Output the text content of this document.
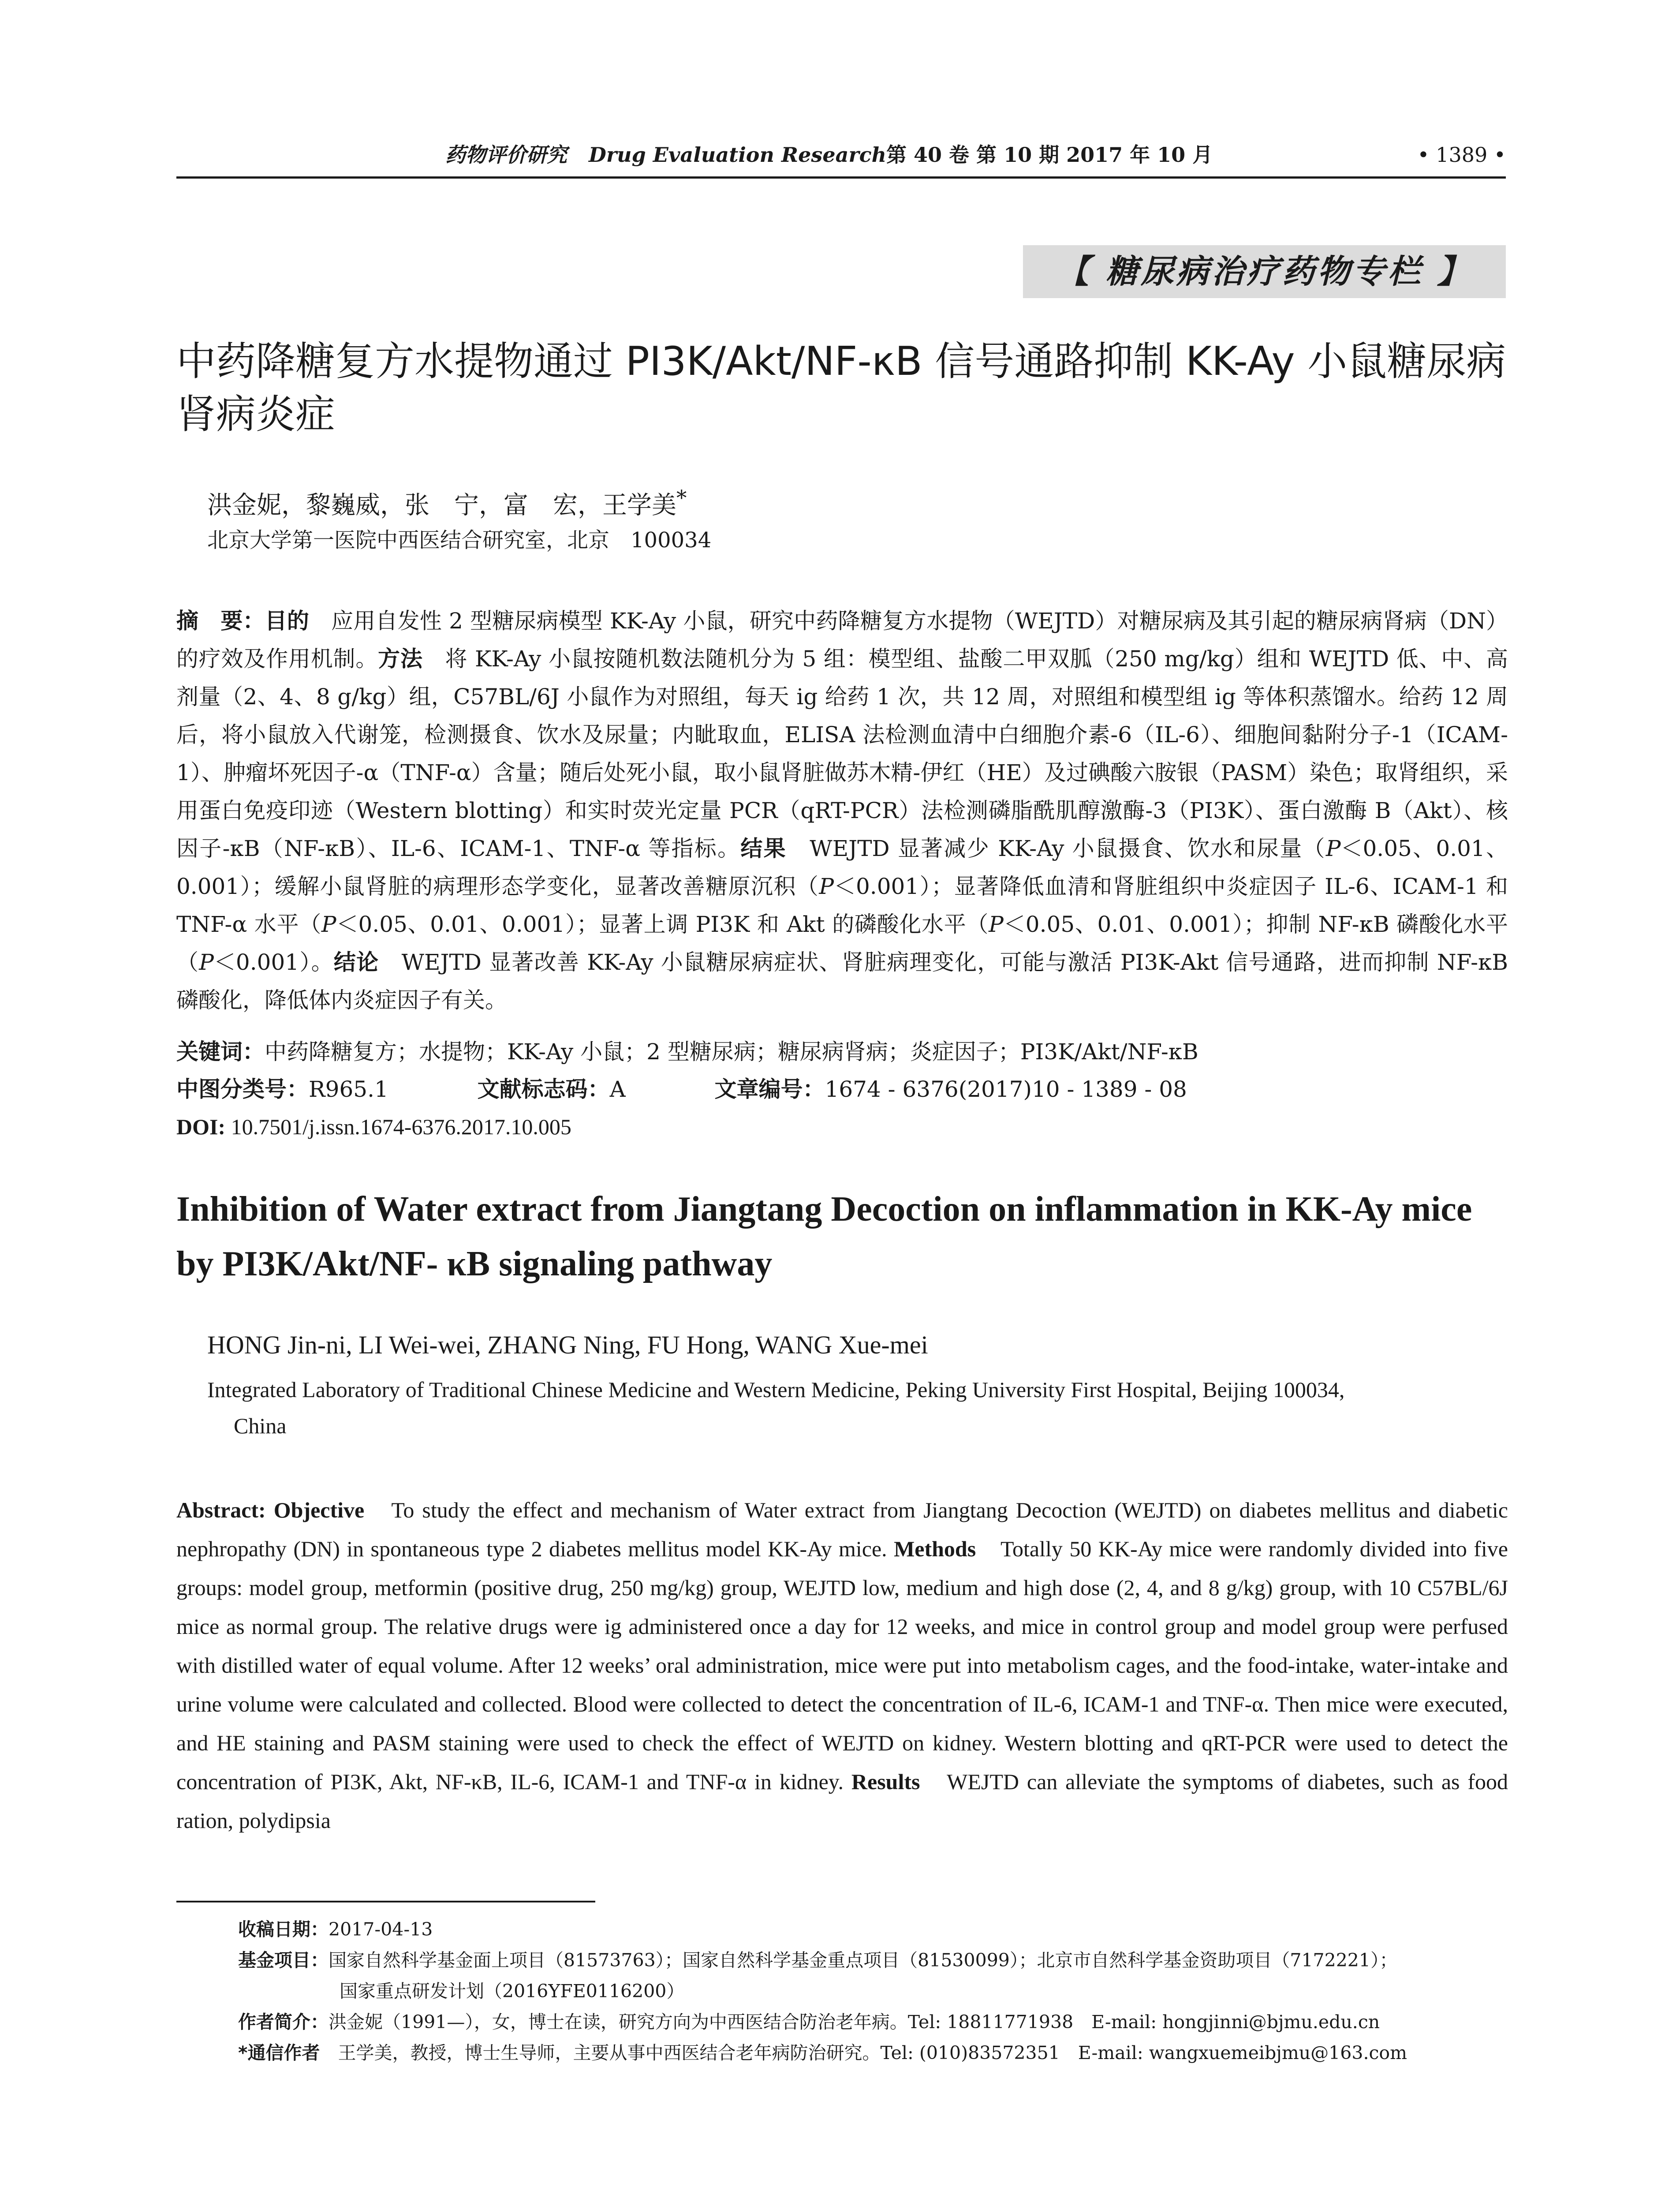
药物评价研究 Drug Evaluation Research 第 40 卷 第 10 期 2017 年 10 月	• 1389 •
【 糖尿病治疗药物专栏 】
中药降糖复方水提物通过 PI3K/Akt/NF-κB 信号通路抑制 KK-Ay 小鼠糖尿病肾病炎症
洪金妮，黎巍威，张　宁，富　宏，王学美*
北京大学第一医院中西医结合研究室，北京　100034

摘　要：目的　应用自发性 2 型糖尿病模型 KK-Ay 小鼠，研究中药降糖复方水提物（WEJTD）对糖尿病及其引起的糖尿病肾病（DN）的疗效及作用机制。方法　将 KK-Ay 小鼠按随机数法随机分为 5 组：模型组、盐酸二甲双胍（250 mg/kg）组和 WEJTD 低、中、高剂量（2、4、8 g/kg）组，C57BL/6J 小鼠作为对照组，每天 ig 给药 1 次，共 12 周，对照组和模型组 ig 等体积蒸馏水。给药 12 周后，将小鼠放入代谢笼，检测摄食、饮水及尿量；内眦取血，ELISA 法检测血清中白细胞介素-6（IL-6）、细胞间黏附分子-1（ICAM-1）、肿瘤坏死因子-α（TNF-α）含量；随后处死小鼠，取小鼠肾脏做苏木精-伊红（HE）及过碘酸六胺银（PASM）染色；取肾组织，采用蛋白免疫印迹（Western blotting）和实时荧光定量 PCR（qRT-PCR）法检测磷脂酰肌醇激酶-3（PI3K）、蛋白激酶 B（Akt）、核因子-κB（NF-κB）、IL-6、ICAM-1、TNF-α 等指标。结果　WEJTD 显著减少 KK-Ay 小鼠摄食、饮水和尿量（P＜0.05、0.01、0.001）；缓解小鼠肾脏的病理形态学变化，显著改善糖原沉积（P＜0.001）；显著降低血清和肾脏组织中炎症因子 IL-6、ICAM-1 和 TNF-α 水平（P＜0.05、0.01、0.001）；显著上调 PI3K 和 Akt 的磷酸化水平（P＜0.05、0.01、0.001）；抑制 NF-κB 磷酸化水平（P＜0.001）。结论　WEJTD 显著改善 KK-Ay 小鼠糖尿病症状、肾脏病理变化，可能与激活 PI3K-Akt 信号通路，进而抑制 NF-κB 磷酸化，降低体内炎症因子有关。

关键词：中药降糖复方；水提物；KK-Ay 小鼠；2 型糖尿病；糖尿病肾病；炎症因子；PI3K/Akt/NF-κB
中图分类号：R965.1	文献标志码：A	文章编号：1674 - 6376(2017)10 - 1389 - 08
DOI: 10.7501/j.issn.1674-6376.2017.10.005
Inhibition of Water extract from Jiangtang Decoction on inflammation in KK-Ay mice by PI3K/Akt/NF- κB signaling pathway
HONG Jin-ni, LI Wei-wei, ZHANG Ning, FU Hong, WANG Xue-mei
Integrated Laboratory of Traditional Chinese Medicine and Western Medicine, Peking University First Hospital, Beijing 100034,
China

Abstract: Objective　To study the effect and mechanism of Water extract from Jiangtang Decoction (WEJTD) on diabetes mellitus and diabetic nephropathy (DN) in spontaneous type 2 diabetes mellitus model KK-Ay mice. Methods　Totally 50 KK-Ay mice were randomly divided into five groups: model group, metformin (positive drug, 250 mg/kg) group, WEJTD low, medium and high dose (2, 4, and 8 g/kg) group, with 10 C57BL/6J mice as normal group. The relative drugs were ig administered once a day for 12 weeks, and mice in control group and model group were perfused with distilled water of equal volume. After 12 weeks’ oral administration, mice were put into metabolism cages, and the food-intake, water-intake and urine volume were calculated and collected. Blood were collected to detect the concentration of IL-6, ICAM-1 and TNF-α. Then mice were executed, and HE staining and PASM staining were used to check the effect of WEJTD on kidney. Western blotting and qRT-PCR were used to detect the concentration of PI3K, Akt, NF-κB, IL-6, ICAM-1 and TNF-α in kidney. Results　WEJTD can alleviate the symptoms of diabetes, such as food ration, polydipsia

收稿日期：2017-04-13
基金项目：国家自然科学基金面上项目（81573763）；国家自然科学基金重点项目（81530099）；北京市自然科学基金资助项目（7172221）；
国家重点研发计划（2016YFE0116200）
作者简介：洪金妮（1991—），女，博士在读，研究方向为中西医结合防治老年病。Tel: 18811771938　E-mail: hongjinni@bjmu.edu.cn
*通信作者　王学美，教授，博士生导师，主要从事中西医结合老年病防治研究。Tel: (010)83572351　E-mail: wangxuemeibjmu@163.com
